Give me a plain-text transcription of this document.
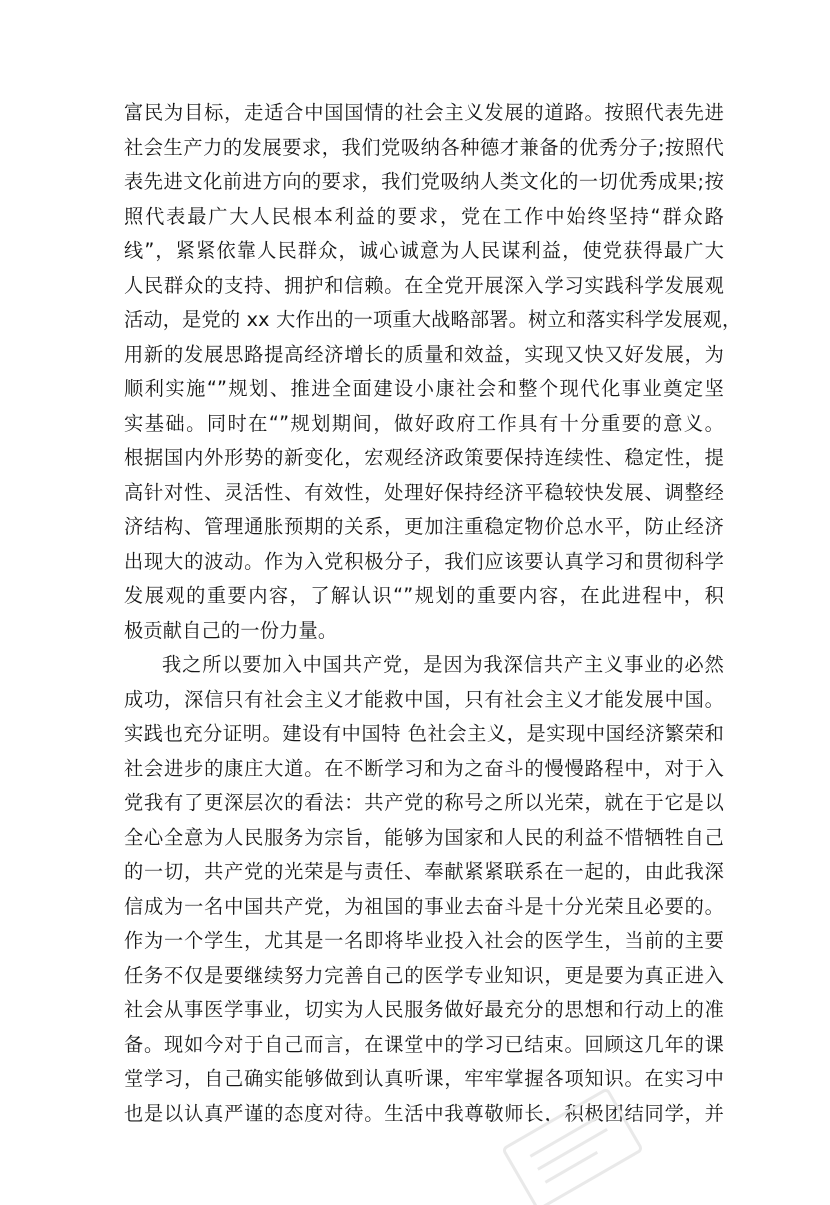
富民为目标，走适合中国国情的社会主义发展的道路。按照代表先进
社会生产力的发展要求，我们党吸纳各种德才兼备的优秀分子;按照代
表先进文化前进方向的要求，我们党吸纳人类文化的一切优秀成果;按
照代表最广大人民根本利益的要求，党在工作中始终坚持“群众路
线”，紧紧依靠人民群众，诚心诚意为人民谋利益，使党获得最广大
人民群众的支持、拥护和信赖。在全党开展深入学习实践科学发展观
活动，是党的 xx 大作出的一项重大战略部署。树立和落实科学发展观，
用新的发展思路提高经济增长的质量和效益，实现又快又好发展，为
顺利实施“”规划、推进全面建设小康社会和整个现代化事业奠定坚
实基础。同时在“”规划期间，做好政府工作具有十分重要的意义。
根据国内外形势的新变化，宏观经济政策要保持连续性、稳定性，提
高针对性、灵活性、有效性，处理好保持经济平稳较快发展、调整经
济结构、管理通胀预期的关系，更加注重稳定物价总水平，防止经济
出现大的波动。作为入党积极分子，我们应该要认真学习和贯彻科学
发展观的重要内容，了解认识“”规划的重要内容，在此进程中，积
极贡献自己的一份力量。
我之所以要加入中国共产党，是因为我深信共产主义事业的必然
成功，深信只有社会主义才能救中国，只有社会主义才能发展中国。
实践也充分证明。建设有中国特 色社会主义，是实现中国经济繁荣和
社会进步的康庄大道。在不断学习和为之奋斗的慢慢路程中，对于入
党我有了更深层次的看法：共产党的称号之所以光荣，就在于它是以
全心全意为人民服务为宗旨，能够为国家和人民的利益不惜牺牲自己
的一切，共产党的光荣是与责任、奉献紧紧联系在一起的，由此我深
信成为一名中国共产党，为祖国的事业去奋斗是十分光荣且必要的。
作为一个学生，尤其是一名即将毕业投入社会的医学生，当前的主要
任务不仅是要继续努力完善自己的医学专业知识，更是要为真正进入
社会从事医学事业，切实为人民服务做好最充分的思想和行动上的准
备。现如今对于自己而言，在课堂中的学习已结束。回顾这几年的课
堂学习，自己确实能够做到认真听课，牢牢掌握各项知识。在实习中
也是以认真严谨的态度对待。生活中我尊敬师长，积极团结同学，并
